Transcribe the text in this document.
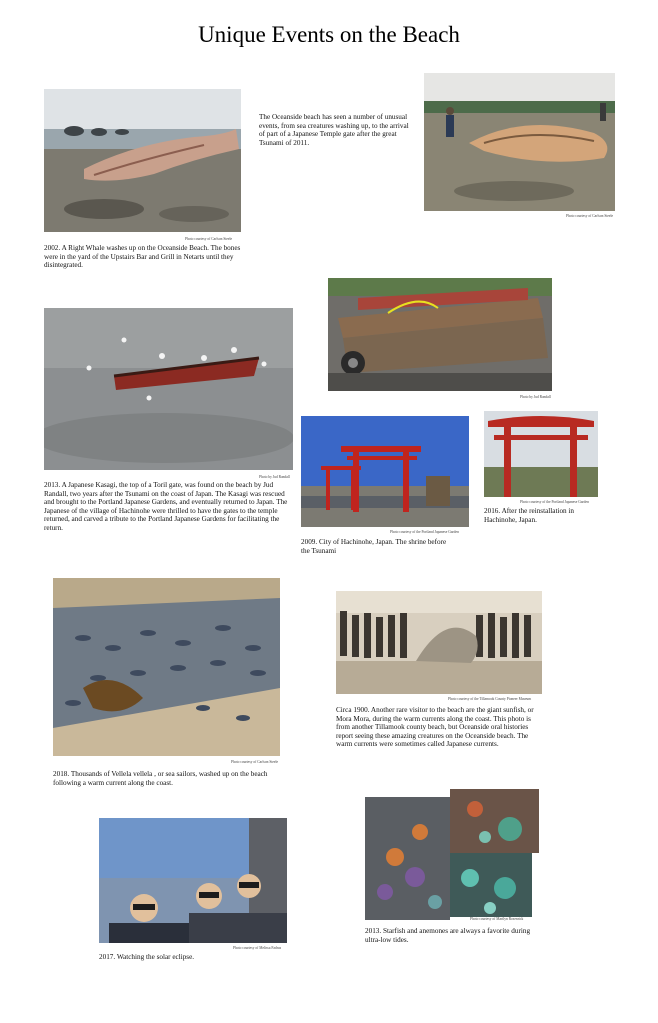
Unique Events on the Beach
Photo courtesy of Carlson Steele
2002. A Right Whale washes up on the Oceanside Beach. The bones were in the yard of the Upstairs Bar and Grill in Netarts until they disintegrated.
The Oceanside beach has seen a number of unusual events, from sea creatures washing up, to the arrival of part of a Japanese Temple gate after the great Tsunami of 2011.
Photo courtesy of Carlson Steele
Photo by Jud Randall
Photo by Jud Randall
2013. A Japanese Kasagi, the top of a Toril gate, was found on the beach by Jud Randall, two years after the Tsunami on the coast of Japan. The Kasagi was rescued and brought to the Portland Japanese Gardens, and eventually returned to Japan. The Japanese of the village of Hachinohe were thrilled to have the gates to the temple returned, and carved a tribute to the Portland Japanese Gardens for facilitating the return.
Photo courtesy of the Portland Japanese Garden
2009. City of Hachinohe, Japan. The shrine before the Tsunami
Photo courtesy of the Portland Japanese Garden
2016. After the reinstallation in Hachinohe, Japan.
Photo courtesy of Carlson Steele
2018. Thousands of Vellela vellela , or sea sailors, washed up on the beach following a warm current along the coast.
Photo courtesy of the Tillamook County Pioneer Museum
Circa 1900. Another rare visitor to the beach are the giant sunfish, or Mora Mora, during the warm currents along the coast. This photo is from another Tillamook county beach, but Oceanside oral histories report seeing these amazing creatures on the Oceanside beach. The warm currents were sometimes called Japanese currents.
Photo courtesy of Melissa Fadrus
2017. Watching the solar eclipse.
Photo courtesy of Marilyn Rosenrick
2013. Starfish and anemones are always a favorite during ultra-low tides.
